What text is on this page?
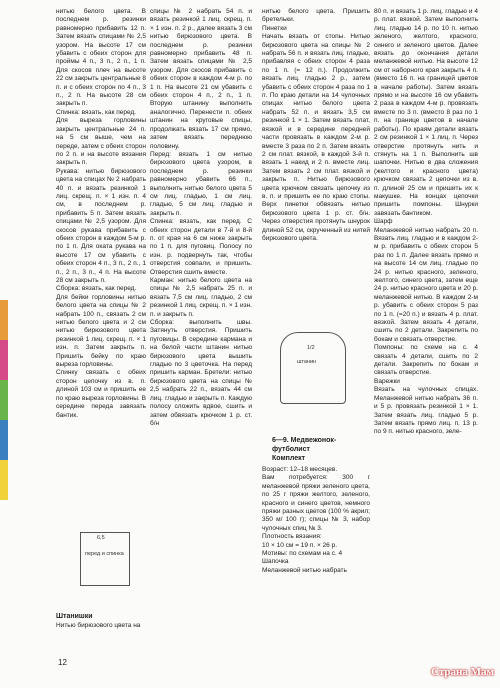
нитью белого цвета. В последнем р. резинки равномерно прибавить 12 п. Затем вязать спицами № 2,5 узором. На высоте 17 см убавить с обеих сторон для проймы 4 п., 3 п., 2 п., 1 п. Для скосов плеч на высоте 22 см закрыть центральные 8 п. и с обеих сторон по 4 п., 3 п., 2 п. На высоте 28 см закрыть п.
Спинка: вязать, как перед.
Для выреза горловины закрыть центральные 24 п. на 5 см выше, чем на переде, затем с обеих сторон по 2 п. и на высоте вязания закрыть п.
Рукава: нитью бирюзового цвета на спицах № 2 набрать 40 п. и вязать резинкой 1 лиц. скрещ. п. × 1 изн. п. 4 см, в последнем р. прибавить 5 п. Затем вязать спицами № 2,5 узором. Для скосов рукава прибавить с обеих сторон в каждом 5-м р. по 1 п. Для оката рукава на высоте 17 см убавить с обеих сторон 4 п., 3 п., 2 п., 1 п., 2 п., 3 п., 4 п. На высоте 28 см закрыть п.
Сборка: вязать, как перед.
Для бейки горловины нитью белого цвета на спицы № 2 набрать 100 п., связать 2 см нитью белого цвета и 2 см нитью бирюзового цвета резинкой 1 лиц. скрещ. п. × 1 изн. п. Затем закрыть п. Пришить бейку по краю выреза горловины.
Спинку связать с обеих сторон цепочку из в. п. длиной 103 см и пришить ее по краю выреза горловины. В середине переда завязать бантик.
перед и спинка
6,5
Штанишки
Нитью бирюзового цвета на
спицы № 2 набрать 54 п. и вязать резинкой 1 лиц. скрещ. п. × 1 изн. п. 2 р., далее вязать 3 см нитью бирюзового цвета. В последнем р. резинки равномерно прибавить 48 п. Затем вязать спицами № 2,5 узором. Для скосов прибавить с обеих сторон в каждом 4-м р. по 1 п. На высоте 21 см убавить с обеих сторон 4 п., 2 п., 1 п. Вторую штанину выполнить аналогично. Перенести п. обеих штанин на круговые спицы, продолжать вязать 17 см прямо, затем вязать переднюю половину.
Перед: вязать 1 см нитью бирюзового цвета узором, в последнем р. резинки равномерно убавить 66 п., выполнить нитью белого цвета 5 см лиц. гладью, 1 см лиц. гладью, 5 см лиц. гладью и закрыть п.
Спинка: вязать, как перед. С обеих сторон детали в 7-й и 8-й п. от края на 6 см ниже закрыть по 1 п. для пуговиц. Полосу по изн. р. подвернуть так, чтобы отверстия совпали, и пришить. Отверстия сшить вместе.
Карман: нитью белого цвета на спицы № 2,5 набрать 25 п. и вязать 7,5 см лиц. гладью, 2 см резинкой 1 лиц. скрещ. п. × 1 изн. п. и закрыть п.
Сборка: выполнить швы. Затянуть отверстия. Пришить пуговицы. В середине кармана и на белой части штанин нитью бирюзового цвета вышить гладью по 3 цветочка. На перед пришить карман. Бретели: нитью бирюзового цвета на спицы № 2,5 набрать 22 п., вязать 44 см лиц. гладью и закрыть п. Каждую полосу сложить вдвое, сшить и затем обвязать крючком 1 р. ст. б/н
нитью белого цвета. Пришить бретельки.
Пинетки
Начать вязать от стопы. Нитью бирюзового цвета на спицы № 2 набрать 56 п. и вязать лиц. гладью, прибавляя с обеих сторон 4 раза по 1 п. (= 12 п.). Продолжить вязать лиц. гладью 2 р., затем убавить с обеих сторон 4 раза по 1 п. По краю детали на 14 чулочных спицах нитью белого цвета набрать 52 п. и вязать 3,5 см резинкой 1 × 1. Затем вязать плат, вязкой и в середине передней части провязать в каждом 2-м р. вместе 3 раза по 2 п. Затем вязать 2 см плат. вязкой, в каждой 3-й п. вязать 1 накид и 2 п. вместе лиц. Затем вязать 2 см плат. вязкой и закрыть п. Нитью бирюзового цвета крючком связать цепочку из в. п. и пришить ее по краю стопы. Верх пинетки обвязать нитью бирюзового цвета 1 р. ст. б/н. Через отверстия протянуть шнурок длиной 52 см, скрученный из нитей бирюзового цвета.
штанин
1/2
6—9. Медвежонок-футболист
Комплект
Возраст: 12–18 месяцев.
Вам потребуется: 300 г меланжевой пряжи зеленого цвета, по 25 г пряжи желтого, зеленого, красного и синего цветов, немного пряжи разных цветов (100 % акрил; 350 м/ 100 г); спицы № 3, набор чулочных спиц № 3.
Плотность вязания:
10 × 10 см = 19 п. × 26 р.
Мотивы: по схемам на с. 4
Шапочка
Меланжевой нитью набрать
80 п. и вязать 1 р. лиц. гладью и 4 р. плат. вязкой. Затем выполнить лиц. гладью 14 р. по 10 п. нитью зеленого, желтого, красного, синего и зеленого цветов. Далее вязать до окончания детали меланжевой нитью. На высоте 12 см от наборного края закрыть 4 п. (вместо 16 п. на границей цветов в начале работы). Затем вязать прямо и на высоте 16 см убавить 2 раза в каждом 4-м р. провязать вместе по 3 п. (вместо 8 раз по 1 п. на границе цветов в начале работы). По краям детали вязать 2 см резинкой 1 × 1 лиц. п. Через отверстие протянуть нить и стянуть на 1 п. Выполнить шв шапочки. Нитью в два сложения (желтого и красного цвета) крючком связать 2 цепочки из в. п. длиной 25 см и пришить их к макушке. На концах цепочки пришить помпоны. Шнурки завязать бантиком.
Шарф
Меланжевой нитью набрать 20 п. Вязать лиц. гладью и в каждом 2-м р. прибавить с обеих сторон 5 раз по 1 п. Далее вязать прямо и на высоте 14 см лиц. гладью по 24 р. нитью красного, зеленого, желтого, синего цвета, затем еще 24 р. нитью красного цвета и 20 р. меланжевой нитью. В каждом 2-м р. убавить с обеих сторон 5 раз по 1 п. (=20 п.) и вязать 4 р. плат. вязкой. Затем вязать 4 детали, сшить по 2 детали. Закрепить по бокам и связать отверстие.
Помпоны: по схеме на с. 4 связать 4 детали, сшить по 2 детали. Закрепить по бокам и связать отверстие.
Варежки
Вязать на чулочных спицах. Меланжевой нитью набрать 36 п. и 5 р. провязать резинкой 1 × 1. Затем вязать лиц. гладью 5 р. Затем вязать прямо лиц. п. 13 р. по 9 п. нитью красного, зеле-
12
Страна Мам
